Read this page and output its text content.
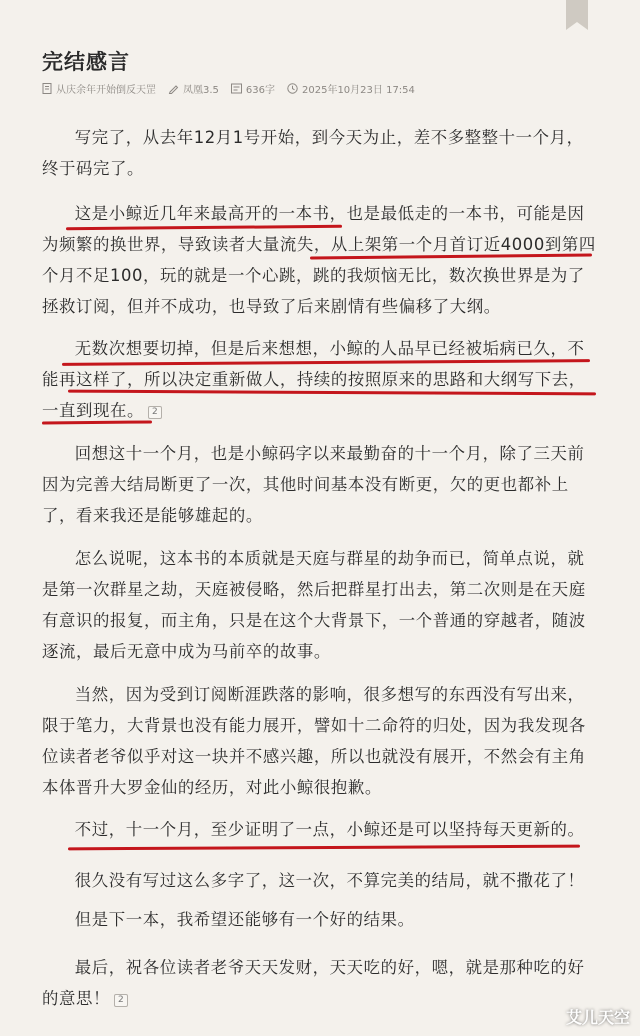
完结感言
从庆余年开始倒反天罡	凤凰3.5	636字	2025年10月23日 17:54

写完了，从去年12月1号开始，到今天为止，差不多整整十一个月，终于码完了。

这是小鲸近几年来最高开的一本书，也是最低走的一本书，可能是因为频繁的换世界，导致读者大量流失，从上架第一个月首订近4000到第四个月不足100，玩的就是一个心跳，跳的我烦恼无比，数次换世界是为了拯救订阅，但并不成功，也导致了后来剧情有些偏移了大纲。

无数次想要切掉，但是后来想想，小鲸的人品早已经被垢病已久，不能再这样了，所以决定重新做人，持续的按照原来的思路和大纲写下去，一直到现在。 2

回想这十一个月，也是小鲸码字以来最勤奋的十一个月，除了三天前因为完善大结局断更了一次，其他时间基本没有断更，欠的更也都补上了，看来我还是能够雄起的。

怎么说呢，这本书的本质就是天庭与群星的劫争而已，简单点说，就是第一次群星之劫，天庭被侵略，然后把群星打出去，第二次则是在天庭有意识的报复，而主角，只是在这个大背景下，一个普通的穿越者，随波逐流，最后无意中成为马前卒的故事。

当然，因为受到订阅断涯跌落的影响，很多想写的东西没有写出来，限于笔力，大背景也没有能力展开，譬如十二命符的归处，因为我发现各位读者老爷似乎对这一块并不感兴趣，所以也就没有展开，不然会有主角本体晋升大罗金仙的经历，对此小鲸很抱歉。

不过，十一个月，至少证明了一点，小鲸还是可以坚持每天更新的。

很久没有写过这么多字了，这一次，不算完美的结局，就不撒花了！

但是下一本，我希望还能够有一个好的结果。

最后，祝各位读者老爷天天发财，天天吃的好，嗯，就是那种吃的好的意思！ 2
艾儿天空
